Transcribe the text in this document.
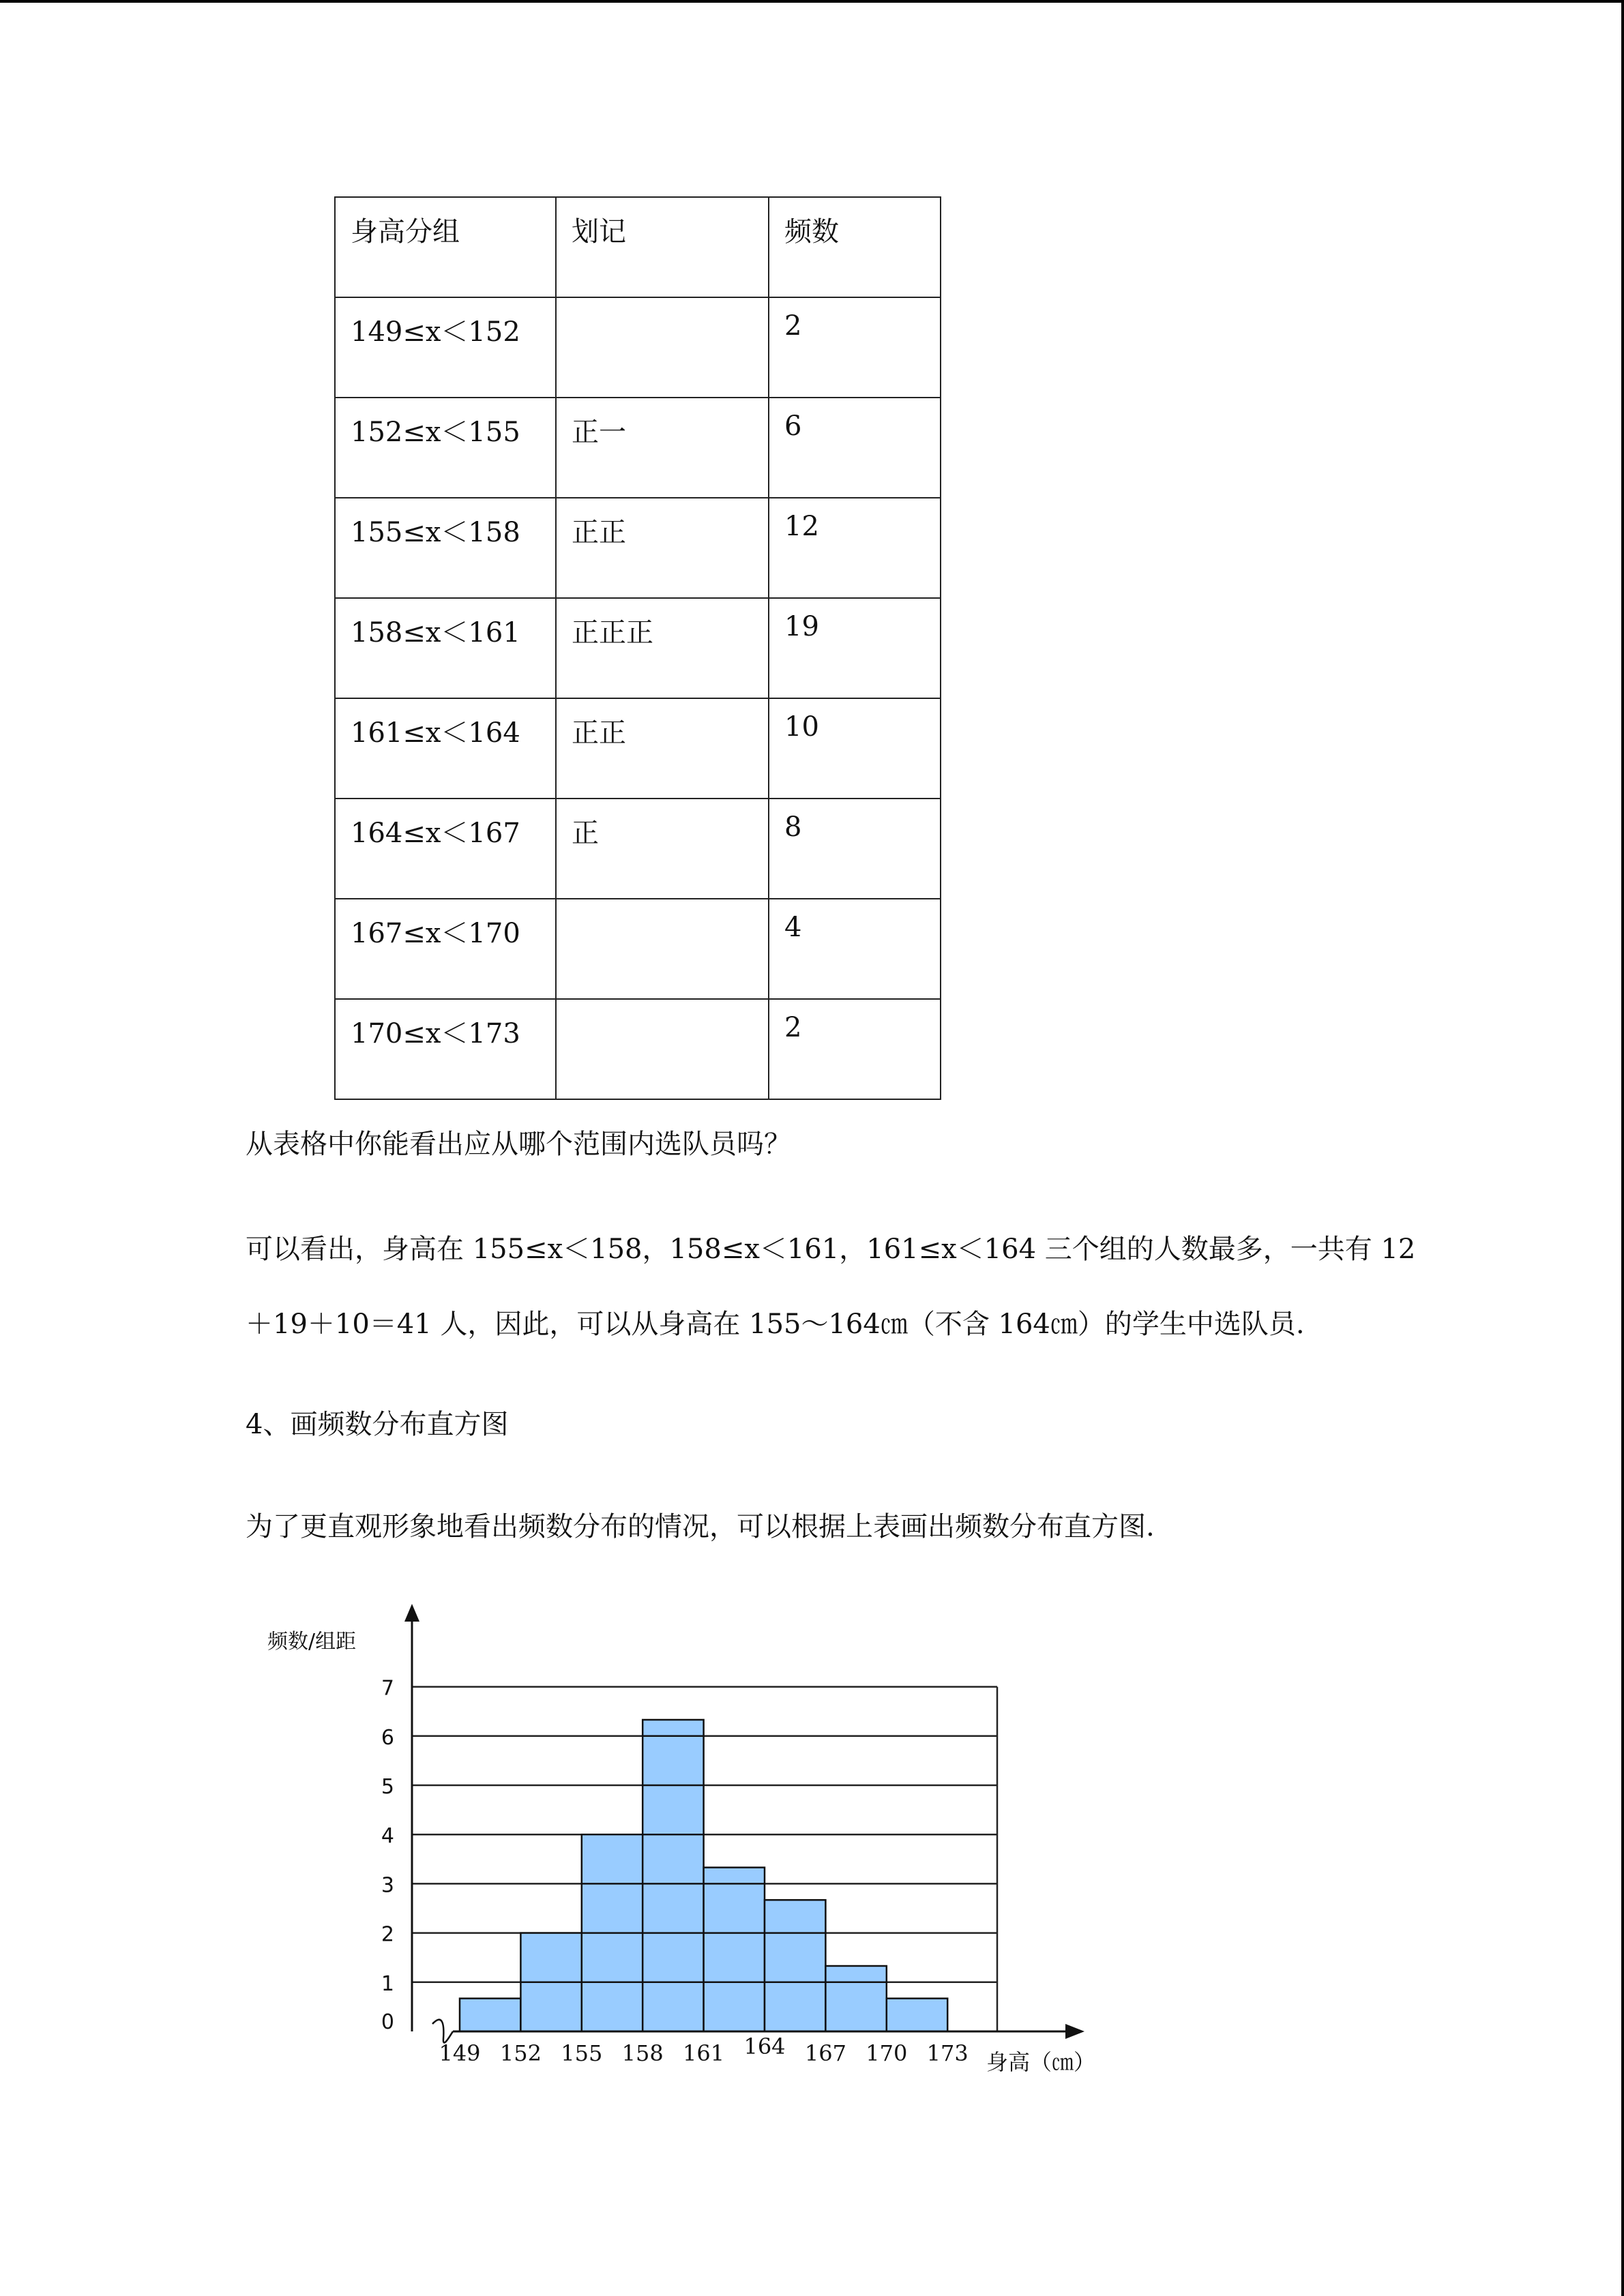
身高分组	划记	频数
149≤x＜152		2
152≤x＜155	正一	6
155≤x＜158	正正	12
158≤x＜161	正正正	19
161≤x＜164	正正	10
164≤x＜167	正	8
167≤x＜170		4
170≤x＜173		2
从表格中你能看出应从哪个范围内选队员吗？
可以看出，身高在 155≤x＜158，158≤x＜161，161≤x＜164 三个组的人数最多，一共有 12
＋19＋10＝41 人，因此，可以从身高在 155～164㎝（不含 164㎝）的学生中选队员.
4、画频数分布直方图
为了更直观形象地看出频数分布的情况，可以根据上表画出频数分布直方图.
0
1
2
3
4
5
6
7
149 152 155 158 161 164 167 170 173
频数/组距
身高（㎝）
